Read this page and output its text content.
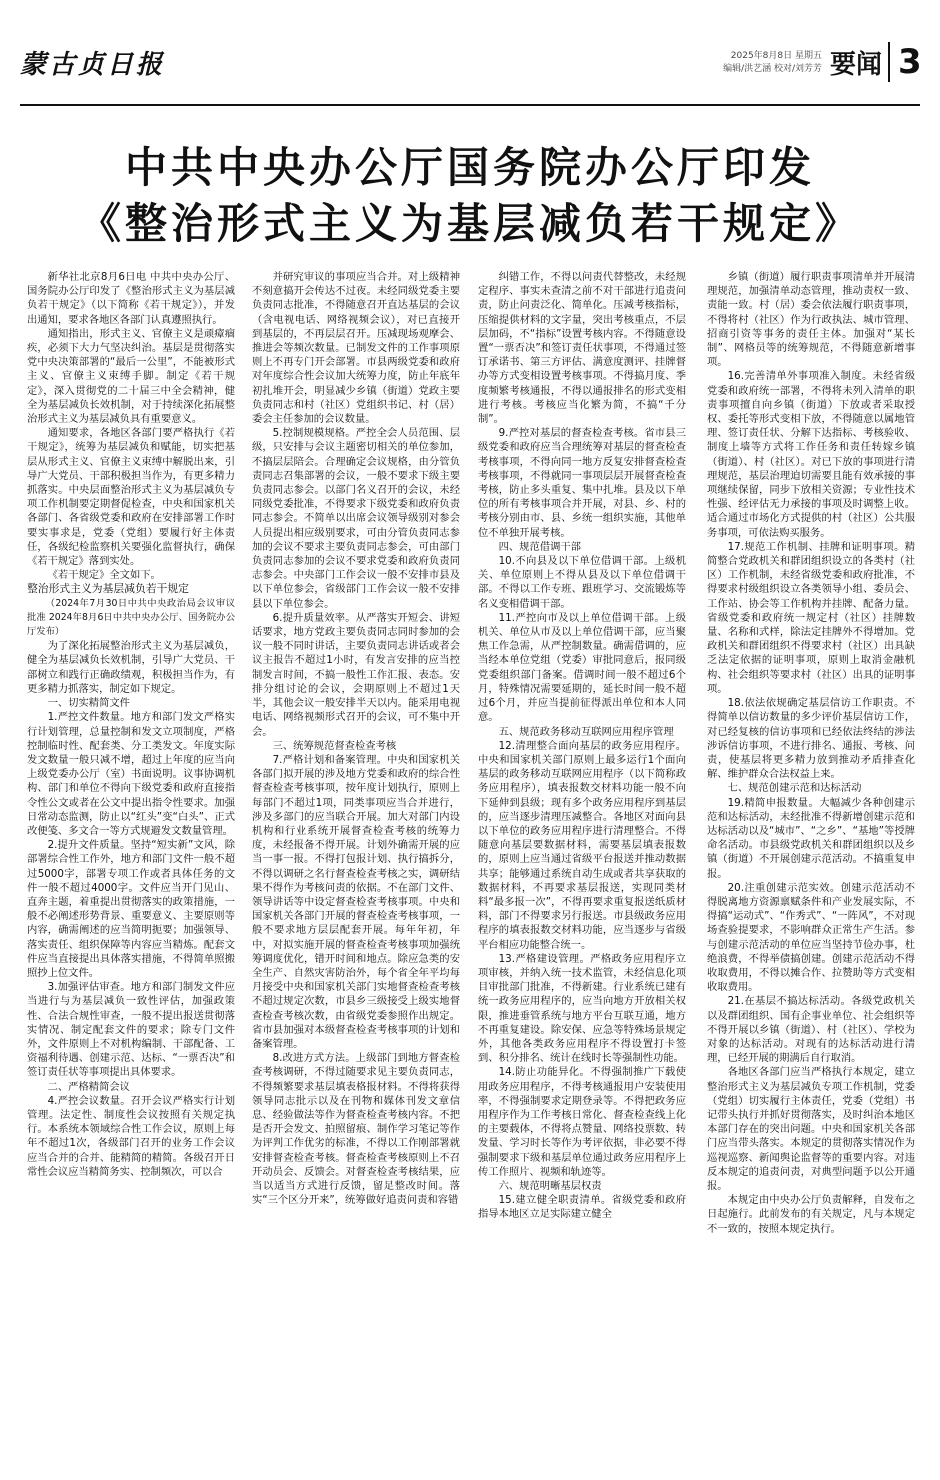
蒙古贞日报	2025年8月8日 星期五
编辑/洪艺涵 校对/刘芳芳 要闻 3
中共中央办公厅国务院办公厅印发
《整治形式主义为基层减负若干规定》

新华社北京8月6日电 中共中央办公厅、国务院办公厅印发了《整治形式主义为基层减负若干规定》（以下简称《若干规定》），并发出通知，要求各地区各部门认真遵照执行。

通知指出，形式主义、官僚主义是顽瘴痼疾，必须下大力气坚决纠治。基层是贯彻落实党中央决策部署的“最后一公里”，不能被形式主义、官僚主义束缚手脚。制定《若干规定》，深入贯彻党的二十届三中全会精神，健全为基层减负长效机制，对于持续深化拓展整治形式主义为基层减负具有重要意义。

通知要求，各地区各部门要严格执行《若干规定》，统筹为基层减负和赋能，切实把基层从形式主义、官僚主义束缚中解脱出来，引导广大党员、干部积极担当作为，有更多精力抓落实。中央层面整治形式主义为基层减负专项工作机制要定期督促检查，中央和国家机关各部门、各省级党委和政府在安排部署工作时要实事求是，党委（党组）要履行好主体责任，各级纪检监察机关要强化监督执行，确保《若干规定》落到实处。

《若干规定》全文如下。

整治形式主义为基层减负若干规定

（2024年7月30日中共中央政治局会议审议批准 2024年8月6日中共中央办公厅、国务院办公厅发布）

为了深化拓展整治形式主义为基层减负，健全为基层减负长效机制，引导广大党员、干部树立和践行正确政绩观，积极担当作为，有更多精力抓落实，制定如下规定。

一、切实精简文件

1.严控文件数量。地方和部门发文严格实行计划管理，总量控制和发文立项制度，严格控制临时性、配套类、分工类发文。年度实际发文数量一般只减不增，超过上年度的应当向上级党委办公厅（室）书面说明。议事协调机构、部门和单位不得向下级党委和政府直接指令性公文或者在公文中提出指令性要求。加强日常动态监测，防止以“红头”变“白头”、正式改便笺、多文合一等方式规避发文数量管理。

2.提升文件质量。坚持“短实新”文风，除部署综合性工作外，地方和部门文件一般不超过5000字，部署专项工作或者具体任务的文件一般不超过4000字。文件应当开门见山、直奔主题，着重提出贯彻落实的政策措施，一般不必阐述形势背景、重要意义、主要原则等内容，确需阐述的应当简明扼要；加强领导、落实责任、组织保障等内容应当精炼。配套文件应当直接提出具体落实措施，不得简单照搬照抄上位文件。

3.加强评估审查。地方和部门制发文件应当进行与为基层减负一致性评估，加强政策性、合法合规性审查，一般不提出报送贯彻落实情况、制定配套文件的要求；除专门文件外，文件原则上不对机构编制、干部配备、工资福利待遇、创建示范、达标、“一票否决”和签订责任状等事项提出具体要求。

二、严格精简会议

4.严控会议数量。召开会议严格实行计划管理。法定性、制度性会议按照有关规定执行。本系统本领域综合性工作会议，原则上每年不超过1次，各级部门召开的业务工作会议应当合并的合并、能精简的精简。各级召开日常性会议应当精简务实、控制频次，可以合

并研究审议的事项应当合并。对上级精神不刻意搞开会传达不过夜。未经同级党委主要负责同志批准，不得随意召开直达基层的会议（含电视电话、网络视频会议），对已直接开到基层的，不再层层召开。压减现场观摩会、推进会等频次数量。已制发文件的工作事项原则上不再专门开会部署。市县两级党委和政府对年度综合性会议加大统筹力度，防止年底年初扎堆开会，明显减少乡镇（街道）党政主要负责同志和村（社区）党组织书记、村（居）委会主任参加的会议数量。

5.控制规模规格。严控全会人员范围、层级，只安排与会议主题密切相关的单位参加，不搞层层陪会。合理确定会议规格，由分管负责同志召集部署的会议，一般不要求下级主要负责同志参会。以部门名义召开的会议，未经同级党委批准，不得要求下级党委和政府负责同志参会。不简单以出席会议领导级别对参会人员提出相应级别要求，可由分管负责同志参加的会议不要求主要负责同志参会，可由部门负责同志参加的会议不要求党委和政府负责同志参会。中央部门工作会议一般不安排市县及以下单位参会，省级部门工作会议一般不安排县以下单位参会。

6.提升质量效率。从严落实开短会、讲短话要求，地方党政主要负责同志同时参加的会议一般不同时讲话，主要负责同志讲话或者会议主报告不超过1小时，有发言安排的应当控制发言时间，不搞一般性工作汇报、表态。安排分组讨论的会议，会期原则上不超过1天半，其他会议一般安排半天以内。能采用电视电话、网络视频形式召开的会议，可不集中开会。

三、统筹规范督查检查考核

7.严格计划和备案管理。中央和国家机关各部门拟开展的涉及地方党委和政府的综合性督查检查考核事项，按年度计划执行，原则上每部门不超过1项，同类事项应当合并进行，涉及多部门的应当联合开展。加大对部门内设机构和行业系统开展督查检查考核的统筹力度，未经报备不得开展。计划外确需开展的应当一事一报。不得打包报计划、执行搞拆分，不得以调研之名行督查检查考核之实，调研结果不得作为考核问责的依据。不在部门文件、领导讲话等中设定督查检查考核事项。中央和国家机关各部门开展的督查检查考核事项，一般不要求地方层层配套开展。每年年初，年中，对拟实施开展的督查检查考核事项加强统筹调度优化，错开时间和地点。除应急类的安全生产、自然灾害防治外，每个省全年平均每月接受中央和国家机关部门实地督查检查考核不超过规定次数，市县乡三级接受上级实地督查检查考核次数，由省级党委参照作出规定。省市县加强对本级督查检查考核事项的计划和备案管理。

8.改进方式方法。上级部门到地方督查检查考核调研，不得过随要求见主要负责同志，不得频繁要求基层填表格报材料。不得将获得领导同志批示以及在刊物和媒体刊发文章信息、经验做法等作为督查检查考核内容。不把是否开会发文、拍照留痕、制作学习笔记等作为评判工作优劣的标准，不得以工作刚部署就安排督查检查考核。督查检查考核原则上不召开动员会、反馈会。对督查检查考核结果，应当以适当方式进行反馈，留足整改时间。落实“三个区分开来”，统筹做好追责问责和容错

纠错工作，不得以问责代替整改，未经规定程序、事实未查清之前不对干部进行追责问责，防止问责泛化、简单化。压减考核指标，压缩提供材料的文字量，突出考核重点，不层层加码，不“指标”设置考核内容。不得随意设置“一票否决”和签订责任状事项，不得通过签订承诺书、第三方评估、满意度测评、挂牌督办等方式变相设置考核事项。不得搞月度、季度频繁考核通报，不得以通报排名的形式变相进行考核。考核应当化繁为简，不搞“千分制”。

9.严控对基层的督查检查考核。省市县三级党委和政府应当合理统筹对基层的督查检查考核事项，不得向同一地方反复安排督查检查考核事项，不得就同一事项层层开展督查检查考核，防止多头重复、集中扎堆。县及以下单位的所有考核事项合并开展，对县、乡、村的考核分别由市、县、乡统一组织实施，其他单位不单独开展考核。

四、规范借调干部

10.不向县及以下单位借调干部。上级机关、单位原则上不得从县及以下单位借调干部。不得以工作专班、跟班学习、交流锻炼等名义变相借调干部。

11.严控向市及以上单位借调干部。上级机关、单位从市及以上单位借调干部，应当聚焦工作急需，从严控制数量。确需借调的，应当经本单位党组（党委）审批同意后，报同级党委组织部门备案。借调时间一般不超过6个月，特殊情况需要延期的，延长时间一般不超过6个月，并应当提前征得派出单位和本人同意。

五、规范政务移动互联网应用程序管理

12.清理整合面向基层的政务应用程序。中央和国家机关部门原则上最多运行1个面向基层的政务移动互联网应用程序（以下简称政务应用程序），填表报数交材料功能一般不向下延伸到县级；现有多个政务应用程序到基层的，应当逐步清理压减整合。各地区对面向县以下单位的政务应用程序进行清理整合。不得随意向基层要数据材料，需要基层填表报数的，原则上应当通过省级平台报送并推动数据共享；能够通过系统自动生成或者共享获取的数据材料，不再要求基层报送，实现同类材料“最多报一次”，不得再要求重复报送纸质材料，部门不得要求另行报送。市县级政务应用程序的填表报数交材料功能，应当逐步与省级平台相应功能整合统一。

13.严格建设管理。严格政务应用程序立项审核，并纳入统一技术监管，未经信息化项目审批部门批准，不得新建。行业系统已建有统一政务应用程序的，应当向地方开放相关权限，推进垂管系统与地方平台互联互通，地方不再重复建设。除安保、应急等特殊场景规定外，其他各类政务应用程序不得设置打卡签到、积分排名、统计在线时长等强制性功能。

14.防止功能异化。不得强制推广下载使用政务应用程序，不得考核通报用户安装使用率，不得强制要求定期登录等。不得把政务应用程序作为工作考核日常化、督查检查线上化的主要载体，不得将点赞量、网络投票数、转发量、学习时长等作为考评依据，非必要不得强制要求下级和基层单位通过政务应用程序上传工作照片、视频和轨迹等。

六、规范明晰基层权责

15.建立健全职责清单。省级党委和政府指导本地区立足实际建立健全

乡镇（街道）履行职责事项清单并开展清理规范，加强清单动态管理，推动责权一致、责能一致。村（居）委会依法履行职责事项，不得将村（社区）作为行政执法、城市管理、招商引资等事务的责任主体。加强对“某长制”、网格员等的统筹规范，不得随意新增事项。

16.完善清单外事项准入制度。未经省级党委和政府统一部署，不得将未列入清单的职责事项擅自向乡镇（街道）下放或者采取授权、委托等形式变相下放，不得随意以属地管理、签订责任状、分解下达指标、考核验收、制度上墙等方式将工作任务和责任转嫁乡镇（街道）、村（社区）。对已下放的事项进行清理规范，基层治理迫切需要且能有效承接的事项继续保留，同步下放相关资源；专业性技术性强、经评估无力承接的事项及时调整上收。适合通过市场化方式提供的村（社区）公共服务事项，可依法购买服务。

17.规范工作机制、挂牌和证明事项。精简整合党政机关和群团组织设立的各类村（社区）工作机制，未经省级党委和政府批准，不得要求村级组织设立各类领导小组、委员会、工作站、协会等工作机构并挂牌、配备力量。省级党委和政府统一规定村（社区）挂牌数量、名称和式样，除法定挂牌外不得增加。党政机关和群团组织不得要求村（社区）出具缺乏法定依据的证明事项，原则上取消金融机构、社会组织等要求村（社区）出具的证明事项。

18.依法依规确定基层信访工作职责。不得简单以信访数量的多少评价基层信访工作，对已经复核的信访事项和已经依法终结的涉法涉诉信访事项，不进行排名、通报、考核、问责，使基层将更多精力放到推动矛盾排查化解、维护群众合法权益上来。

七、规范创建示范和达标活动

19.精简申报数量。大幅减少各种创建示范和达标活动，未经批准不得新增创建示范和达标活动以及“城市”、“之乡”、“基地”等授牌命名活动。市县级党政机关和群团组织以及乡镇（街道）不开展创建示范活动。不搞重复申报。

20.注重创建示范实效。创建示范活动不得脱离地方资源禀赋条件和产业发展实际，不得搞“运动式”、“作秀式”、“一阵风”，不对现场查验提要求，不影响群众正常生产生活。参与创建示范活动的单位应当坚持节俭办事，杜绝浪费，不得举债搞创建。创建示范活动不得收取费用，不得以摊合作、拉赞助等方式变相收取费用。

21.在基层不搞达标活动。各级党政机关以及群团组织、国有企事业单位、社会组织等不得开展以乡镇（街道）、村（社区）、学校为对象的达标活动。对现有的达标活动进行清理，已经开展的期满后自行取消。

各地区各部门应当严格执行本规定，建立整治形式主义为基层减负专项工作机制，党委（党组）切实履行主体责任，党委（党组）书记带头执行并抓好贯彻落实，及时纠治本地区本部门存在的突出问题。中央和国家机关各部门应当带头落实。本规定的贯彻落实情况作为巡视巡察、新闻舆论监督等的重要内容。对违反本规定的追责问责，对典型问题予以公开通报。

本规定由中央办公厅负责解释，自发布之日起施行。此前发布的有关规定，凡与本规定不一致的，按照本规定执行。
